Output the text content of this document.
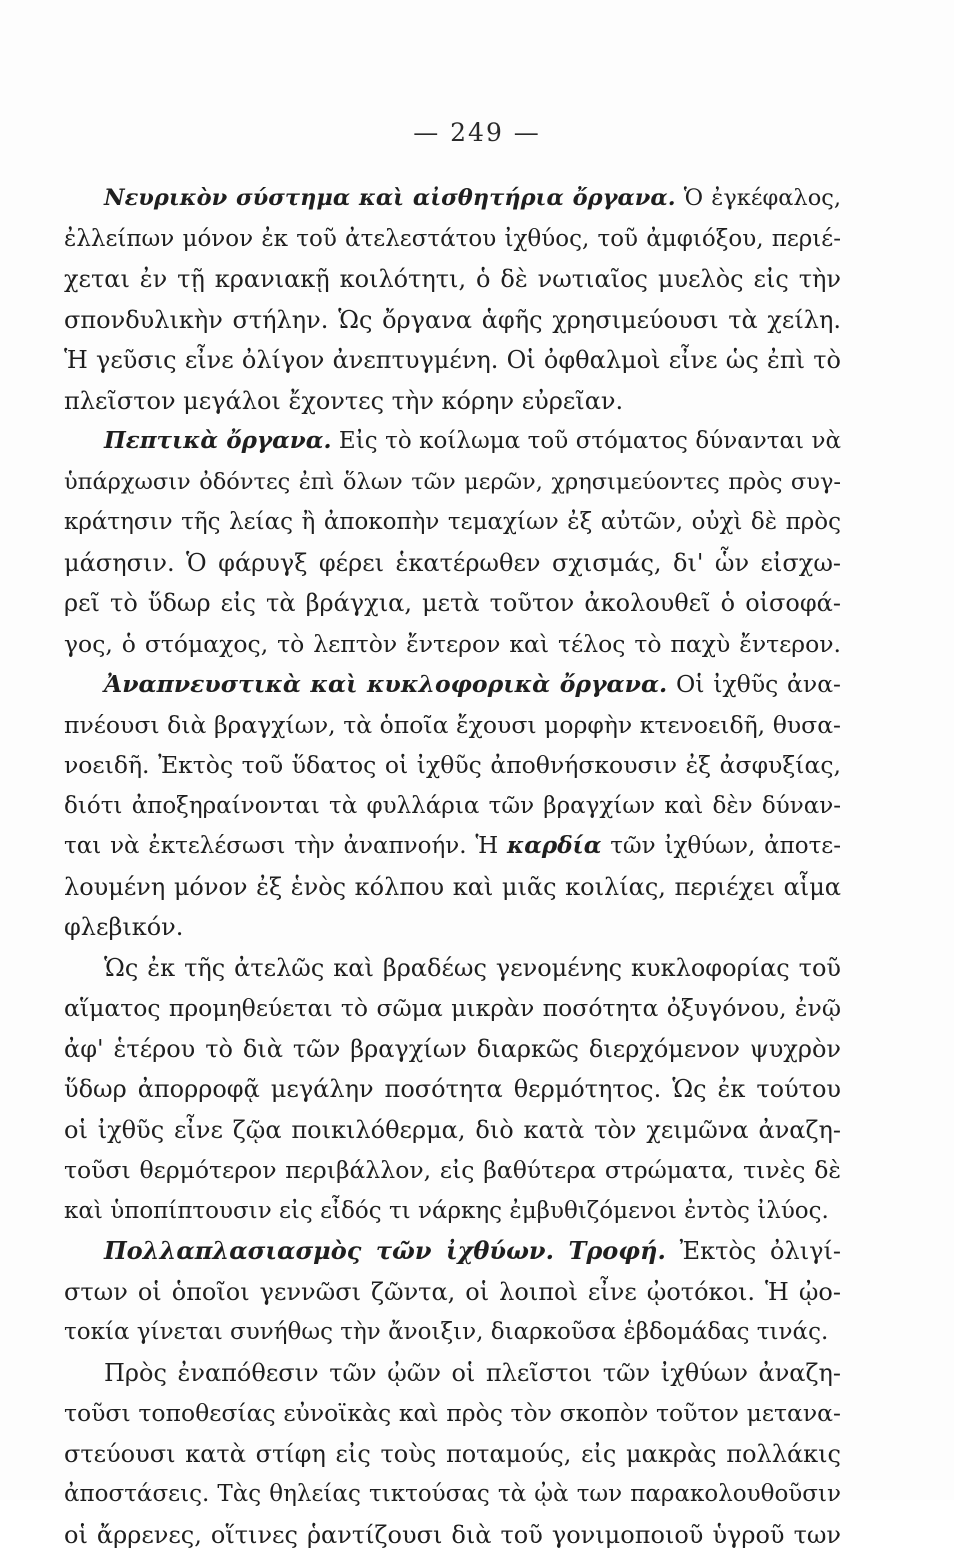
— 249 —
Νευρικὸν σύστημα καὶ αἰσθητήρια ὄργανα. Ὁ ἐγκέφαλος,
ἐλλείπων μόνον ἐκ τοῦ ἀτελεστάτου ἰχθύος, τοῦ ἀμφιόξου, περιέ-
χεται ἐν τῇ κρανιακῇ κοιλότητι, ὁ δὲ νωτιαῖος μυελὸς εἰς τὴν
σπονδυλικὴν στήλην. Ὡς ὄργανα ἁφῆς χρησιμεύουσι τὰ χείλη.
Ἡ γεῦσις εἶνε ὀλίγον ἀνεπτυγμένη. Οἱ ὀφθαλμοὶ εἶνε ὡς ἐπὶ τὸ
πλεῖστον μεγάλοι ἔχοντες τὴν κόρην εὐρεῖαν.
Πεπτικὰ ὄργανα. Εἰς τὸ κοίλωμα τοῦ στόματος δύνανται νὰ
ὑπάρχωσιν ὀδόντες ἐπὶ ὅλων τῶν μερῶν, χρησιμεύοντες πρὸς συγ-
κράτησιν τῆς λείας ἢ ἀποκοπὴν τεμαχίων ἐξ αὐτῶν, οὐχὶ δὲ πρὸς
μάσησιν. Ὁ φάρυγξ φέρει ἑκατέρωθεν σχισμάς, δι' ὧν εἰσχω-
ρεῖ τὸ ὕδωρ εἰς τὰ βράγχια, μετὰ τοῦτον ἀκολουθεῖ ὁ οἰσοφά-
γος, ὁ στόμαχος, τὸ λεπτὸν ἔντερον καὶ τέλος τὸ παχὺ ἔντερον.
Ἀναπνευστικὰ καὶ κυκλοφορικὰ ὄργανα. Οἱ ἰχθῦς ἀνα-
πνέουσι διὰ βραγχίων, τὰ ὁποῖα ἔχουσι μορφὴν κτενοειδῆ, θυσα-
νοειδῆ. Ἐκτὸς τοῦ ὕδατος οἱ ἰχθῦς ἀποθνήσκουσιν ἐξ ἀσφυξίας,
διότι ἀποξηραίνονται τὰ φυλλάρια τῶν βραγχίων καὶ δὲν δύναν-
ται νὰ ἐκτελέσωσι τὴν ἀναπνοήν. Ἡ καρδία τῶν ἰχθύων, ἀποτε-
λουμένη μόνον ἐξ ἑνὸς κόλπου καὶ μιᾶς κοιλίας, περιέχει αἷμα
φλεβικόν.
Ὡς ἐκ τῆς ἀτελῶς καὶ βραδέως γενομένης κυκλοφορίας τοῦ
αἵματος προμηθεύεται τὸ σῶμα μικρὰν ποσότητα ὀξυγόνου, ἐνῷ
ἀφ' ἑτέρου τὸ διὰ τῶν βραγχίων διαρκῶς διερχόμενον ψυχρὸν
ὕδωρ ἀπορροφᾷ μεγάλην ποσότητα θερμότητος. Ὡς ἐκ τούτου
οἱ ἰχθῦς εἶνε ζῷα ποικιλόθερμα, διὸ κατὰ τὸν χειμῶνα ἀναζη-
τοῦσι θερμότερον περιβάλλον, εἰς βαθύτερα στρώματα, τινὲς δὲ
καὶ ὑποπίπτουσιν εἰς εἶδός τι νάρκης ἐμβυθιζόμενοι ἐντὸς ἰλύος.
Πολλαπλασιασμὸς τῶν ἰχθύων. Τροφή. Ἐκτὸς ὀλιγί-
στων οἱ ὁποῖοι γεννῶσι ζῶντα, οἱ λοιποὶ εἶνε ᾠοτόκοι. Ἡ ᾠο-
τοκία γίνεται συνήθως τὴν ἄνοιξιν, διαρκοῦσα ἑβδομάδας τινάς.
Πρὸς ἐναπόθεσιν τῶν ᾠῶν οἱ πλεῖστοι τῶν ἰχθύων ἀναζη-
τοῦσι τοποθεσίας εὐνοϊκὰς καὶ πρὸς τὸν σκοπὸν τοῦτον μετανα-
στεύουσι κατὰ στίφη εἰς τοὺς ποταμούς, εἰς μακρὰς πολλάκις
ἀποστάσεις. Τὰς θηλείας τικτούσας τὰ ᾠὰ των παρακολουθοῦσιν
οἱ ἄρρενες, οἵτινες ῥαντίζουσι διὰ τοῦ γονιμοποιοῦ ὑγροῦ των
